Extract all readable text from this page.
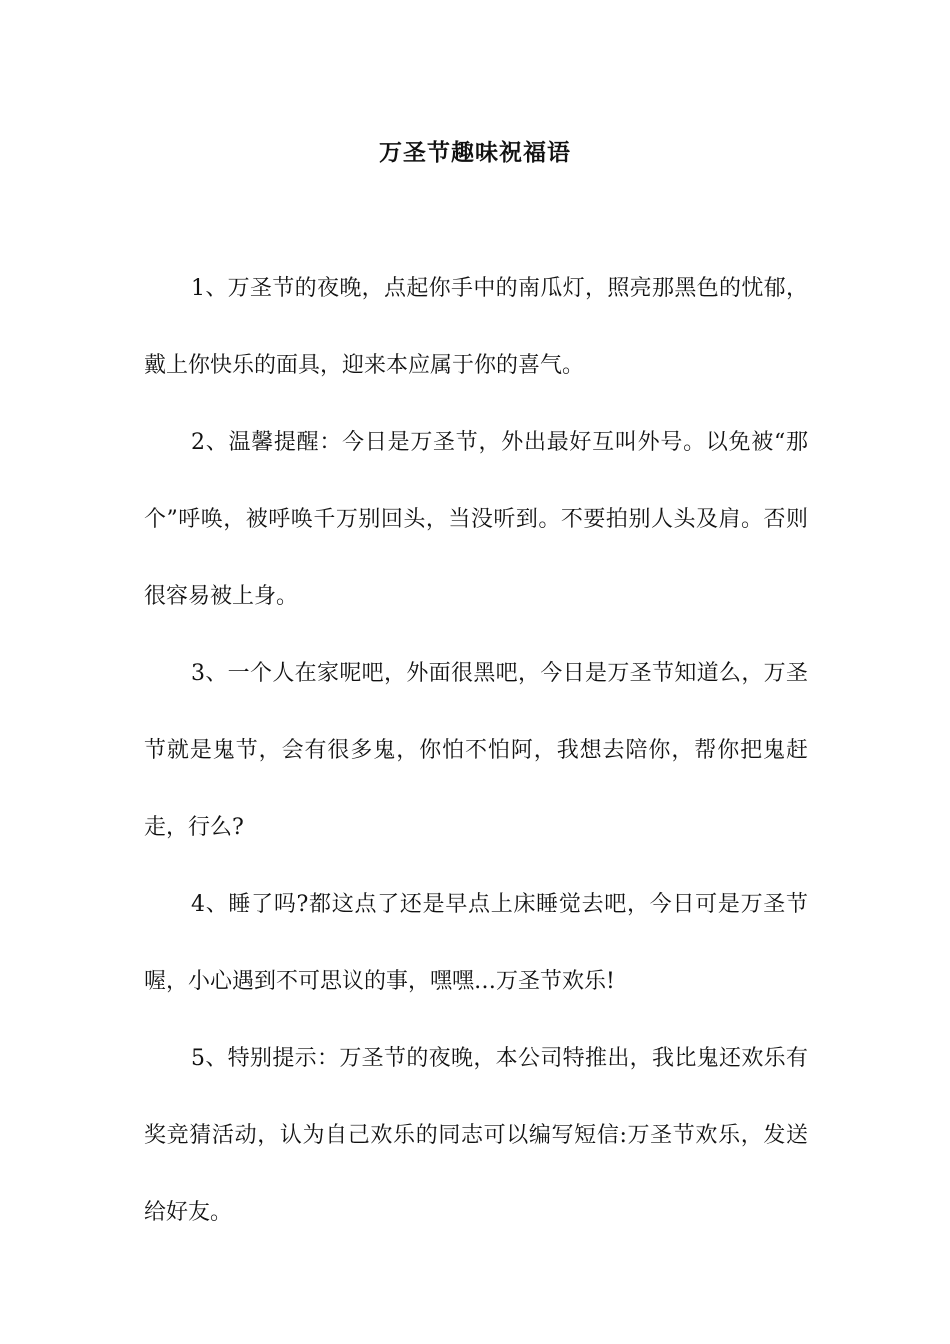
万圣节趣味祝福语

1、万圣节的夜晚，点起你手中的南瓜灯，照亮那黑色的忧郁，戴上你快乐的面具，迎来本应属于你的喜气。

2、温馨提醒：今日是万圣节，外出最好互叫外号。以免被“那个”呼唤，被呼唤千万别回头，当没听到。不要拍别人头及肩。否则很容易被上身。

3、一个人在家呢吧，外面很黑吧，今日是万圣节知道么，万圣节就是鬼节，会有很多鬼，你怕不怕阿，我想去陪你，帮你把鬼赶走，行么?

4、睡了吗?都这点了还是早点上床睡觉去吧，今日可是万圣节喔，小心遇到不可思议的事，嘿嘿…万圣节欢乐!

5、特别提示：万圣节的夜晚，本公司特推出，我比鬼还欢乐有奖竞猜活动，认为自己欢乐的同志可以编写短信:万圣节欢乐，发送给好友。
